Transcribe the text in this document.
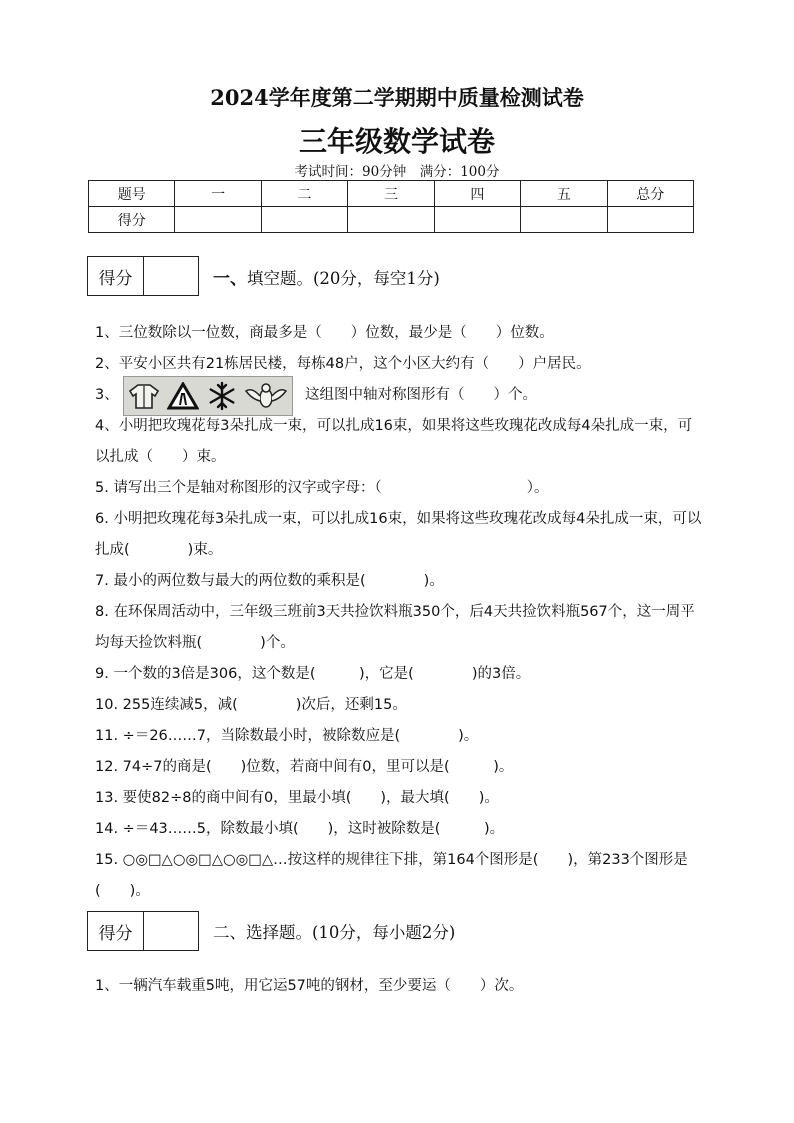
2024学年度第二学期期中质量检测试卷
三年级数学试卷
考试时间：90分钟　满分：100分
题号	一	二	三	四	五	总分
得分						
得分	一、填空题。(20分，每空1分)
1、三位数除以一位数，商最多是（　　）位数，最少是（　　）位数。
2、平安小区共有21栋居民楼，每栋48户，这个小区大约有（　　）户居民。
3、	这组图中轴对称图形有（　　）个。
4、小明把玫瑰花每3朵扎成一束，可以扎成16束，如果将这些玫瑰花改成每4朵扎成一束，可以扎成（　　）束。
5. 请写出三个是轴对称图形的汉字或字母：（　　　　　　　　　　）。
6. 小明把玫瑰花每3朵扎成一束，可以扎成16束，如果将这些玫瑰花改成每4朵扎成一束，可以扎成(　　　　)束。
7. 最小的两位数与最大的两位数的乘积是(　　　　)。
8. 在环保周活动中，三年级三班前3天共捡饮料瓶350个，后4天共捡饮料瓶567个，这一周平均每天捡饮料瓶(　　　　)个。
9. 一个数的3倍是306，这个数是(　　　)，它是(　　　　)的3倍。
10. 255连续减5，减(　　　　)次后，还剩15。
11. ÷＝26……7，当除数最小时，被除数应是(　　　　)。
12. 74÷7的商是(　　)位数，若商中间有0，里可以是(　　　)。
13. 要使82÷8的商中间有0，里最小填(　　)，最大填(　　)。
14. ÷＝43……5，除数最小填(　　)，这时被除数是(　　　)。
15. ○◎□△○◎□△○◎□△…按这样的规律往下排，第164个图形是(　　)，第233个图形是(　　)。
得分	二、选择题。(10分，每小题2分)
1、一辆汽车载重5吨，用它运57吨的钢材，至少要运（　　）次。
